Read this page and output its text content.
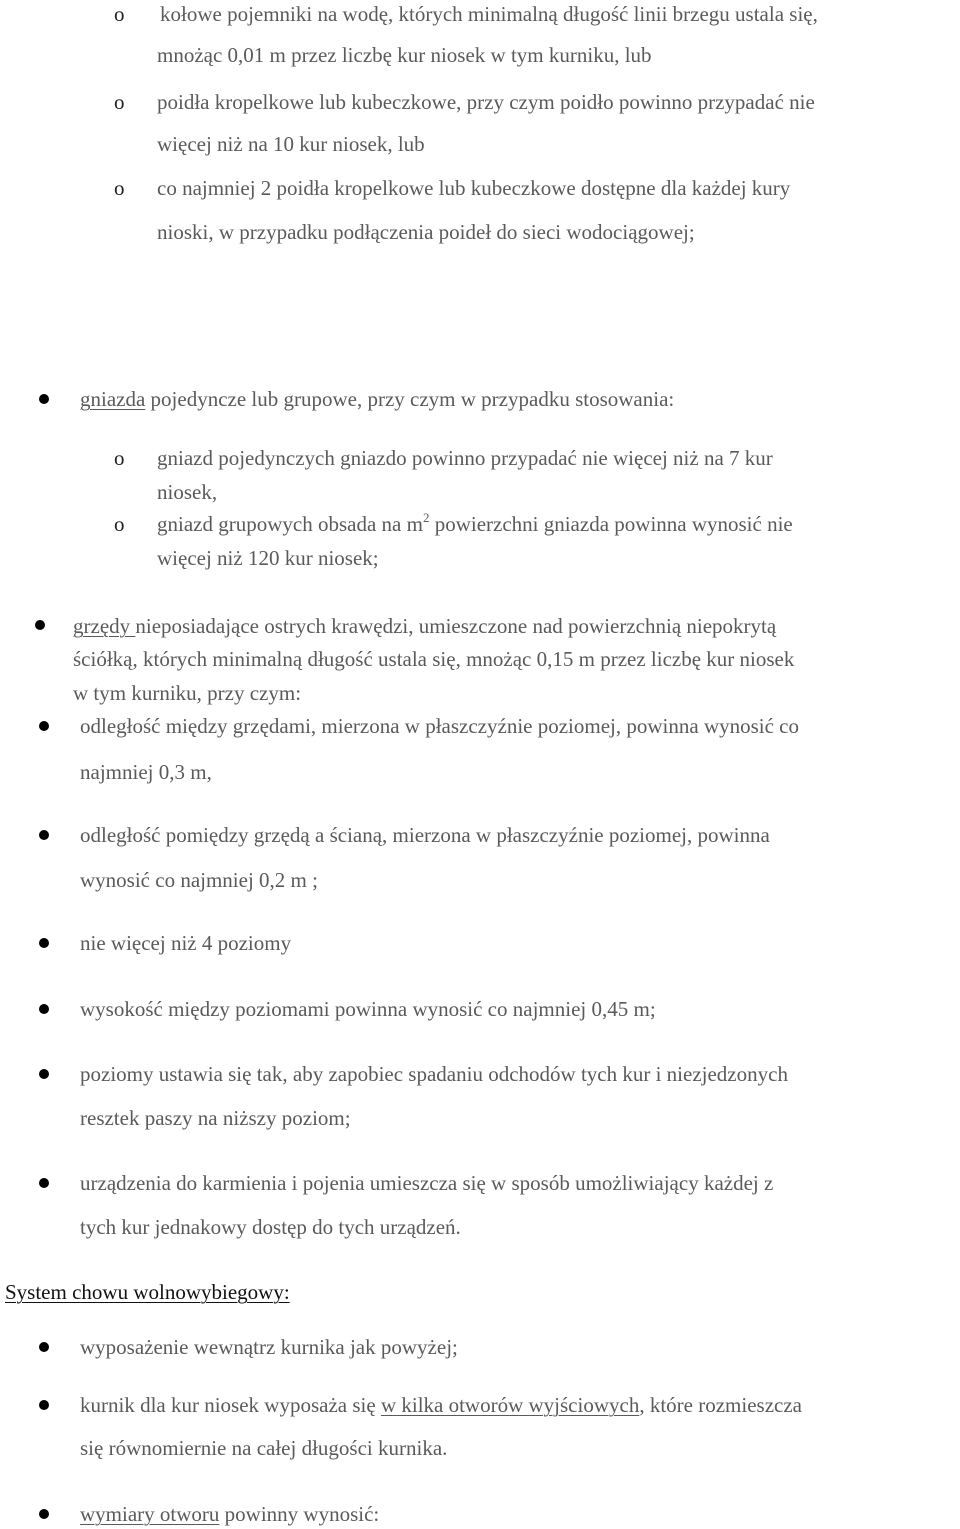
o kołowe pojemniki na wodę, których minimalną długość linii brzegu ustala się,
mnożąc 0,01 m przez liczbę kur niosek w tym kurniku, lub
o poidła kropelkowe lub kubeczkowe, przy czym poidło powinno przypadać nie
więcej niż na 10 kur niosek, lub
o co najmniej 2 poidła kropelkowe lub kubeczkowe dostępne dla każdej kury
nioski, w przypadku podłączenia poideł do sieci wodociągowej;
gniazda pojedyncze lub grupowe, przy czym w przypadku stosowania:
o gniazd pojedynczych gniazdo powinno przypadać nie więcej niż na 7 kur
niosek,
o gniazd grupowych obsada na $m^2$ powierzchni gniazda powinna wynosić nie
więcej niż 120 kur niosek;
grzędy nieposiadające ostrych krawędzi, umieszczone nad powierzchnią niepokrytą
ściółką, których minimalną długość ustala się, mnożąc 0,15 m przez liczbę kur niosek
w tym kurniku, przy czym:
odległość między grzędami, mierzona w płaszczyźnie poziomej, powinna wynosić co
najmniej 0,3 m,
odległość pomiędzy grzędą a ścianą, mierzona w płaszczyźnie poziomej, powinna
wynosić co najmniej 0,2 m ;
nie więcej niż 4 poziomy
wysokość między poziomami powinna wynosić co najmniej 0,45 m;
poziomy ustawia się tak, aby zapobiec spadaniu odchodów tych kur i niezjedzonych
resztek paszy na niższy poziom;
urządzenia do karmienia i pojenia umieszcza się w sposób umożliwiający każdej z
tych kur jednakowy dostęp do tych urządzeń.
System chowu wolnowybiegowy:
wyposażenie wewnątrz kurnika jak powyżej;
kurnik dla kur niosek wyposaża się w kilka otworów wyjściowych, które rozmieszcza
się równomiernie na całej długości kurnika.
wymiary otworu powinny wynosić:
